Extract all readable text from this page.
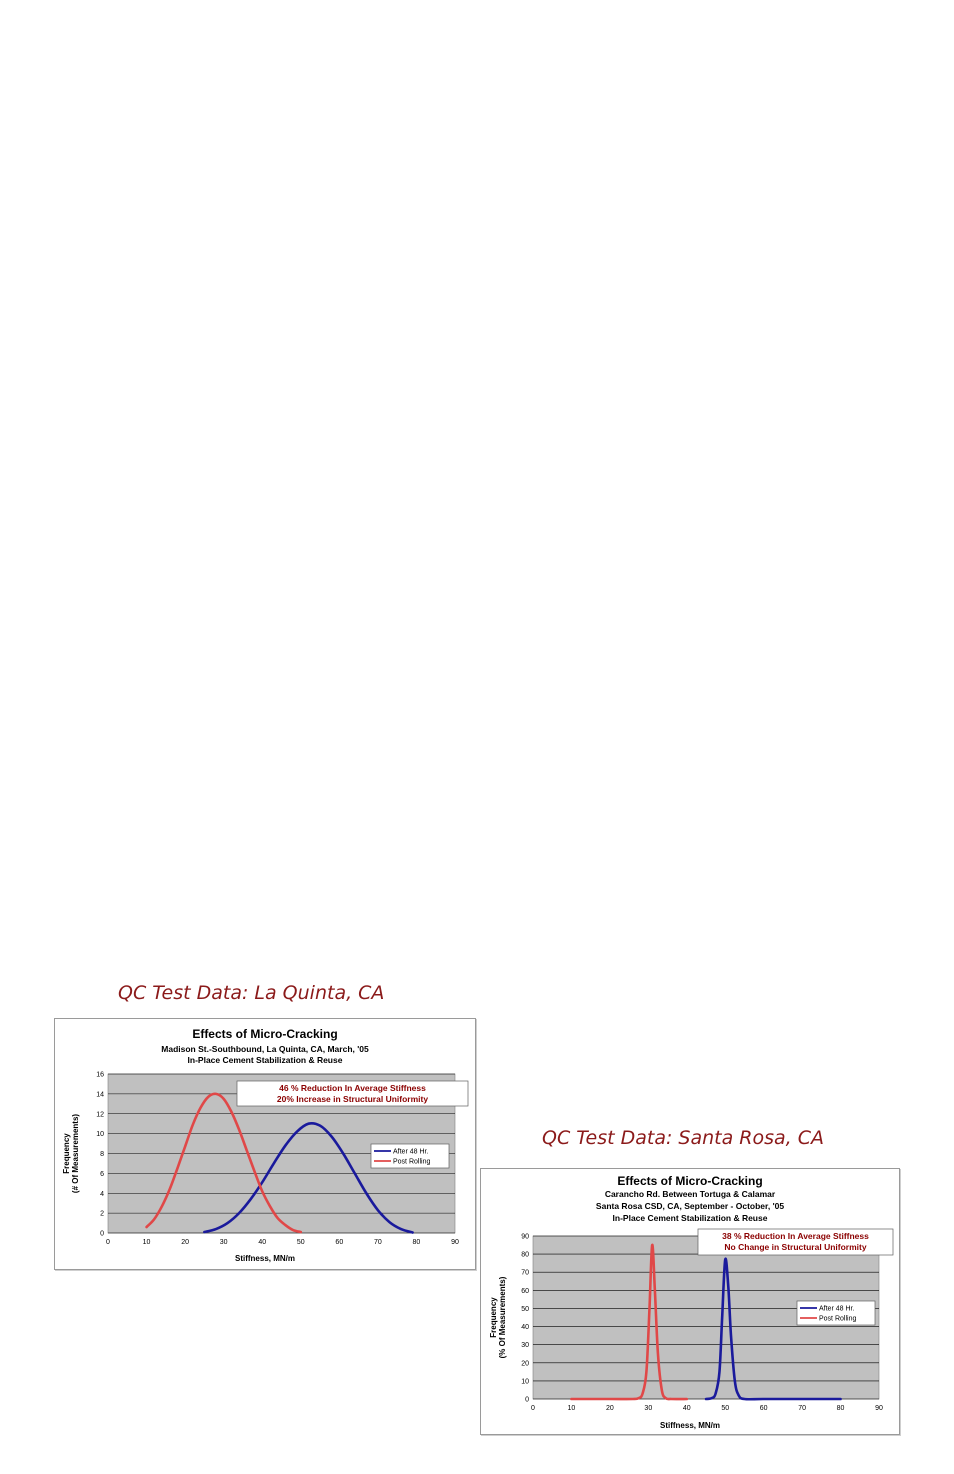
QC Test Data: La Quinta, CA
QC Test Data: Santa Rosa, CA
Effects of Micro-Cracking
Madison St.-Southbound, La Quinta, CA, March, '05
In-Place Cement Stabilization & Reuse
0
2
4
6
8
10
12
14
16
0	10	20	30	40	50	60	70	80	90
Stiffness, MN/m
Frequency (# Of Measurements)
46 % Reduction In Average Stiffness
20% Increase in Structural Uniformity
After 48 Hr.
Post Rolling
Effects of Micro-Cracking
Carancho Rd. Between Tortuga & Calamar
Santa Rosa CSD, CA, September - October, '05
In-Place Cement Stabilization & Reuse
0
10
20
30
40
50
60
70
80
90
0	10	20	30	40	50	60	70	80	90
Stiffness, MN/m
Frequency (% Of Measurements)
38 % Reduction In Average Stiffness
No Change in Structural Uniformity
After 48 Hr.
Post Rolling
